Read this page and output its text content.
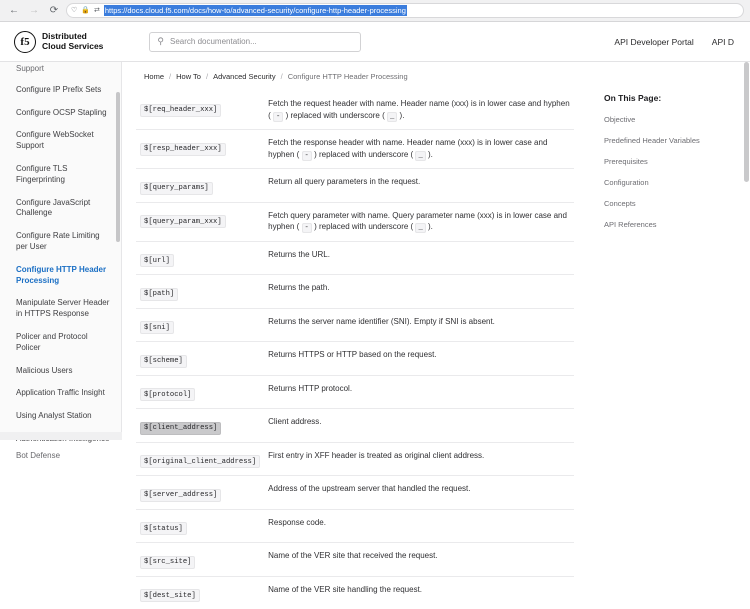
← → ⟳ ♡ 🔒 ⇄ https://docs.cloud.f5.com/docs/how-to/advanced-security/configure-http-header-processing
f5	Distributed
Cloud Services	⚲ Search documentation...	API Developer Portal API D
Support
Configure IP Prefix Sets
Configure OCSP Stapling
Configure WebSocket Support
Configure TLS Fingerprinting
Configure JavaScript Challenge
Configure Rate Limiting per User
Configure HTTP Header Processing
Manipulate Server Header in HTTPS Response
Policer and Protocol Policer
Malicious Users
Application Traffic Insight
Using Analyst Station
Bot Defense
Home / How To / Advanced Security / Configure HTTP Header Processing
$[req_header_xxx]	Fetch the request header with name. Header name (xxx) is in lower case and hyphen ( - ) replaced with underscore ( _ ).
$[resp_header_xxx]	Fetch the response header with name. Header name (xxx) is in lower case and hyphen ( - ) replaced with underscore ( _ ).
$[query_params]	Return all query parameters in the request.
$[query_param_xxx]	Fetch query parameter with name. Query parameter name (xxx) is in lower case and hyphen ( - ) replaced with underscore ( _ ).
$[url]	Returns the URL.
$[path]	Returns the path.
$[sni]	Returns the server name identifier (SNI). Empty if SNI is absent.
$[scheme]	Returns HTTPS or HTTP based on the request.
$[protocol]	Returns HTTP protocol.
$[client_address]	Client address.
$[original_client_address]	First entry in XFF header is treated as original client address.
$[server_address]	Address of the upstream server that handled the request.
$[status]	Response code.
$[src_site]	Name of the VER site that received the request.
$[dest_site]	Name of the VER site handling the request.
On This Page:
Objective
Predefined Header Variables
Prerequisites
Configuration
Concepts
API References
